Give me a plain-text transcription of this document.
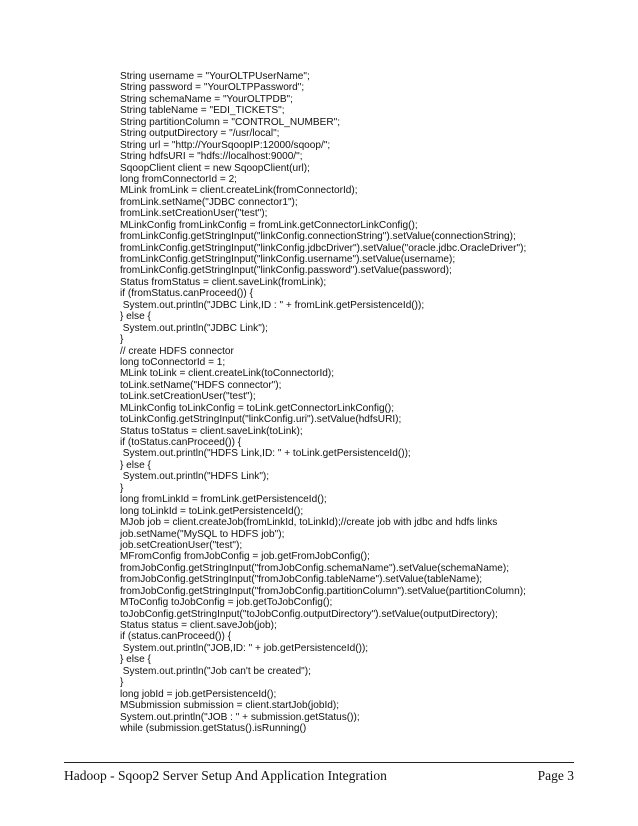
String username = "YourOLTPUserName";
String password = "YourOLTPPassword";
String schemaName = "YourOLTPDB";
String tableName = "EDI_TICKETS";
String partitionColumn = "CONTROL_NUMBER";
String outputDirectory = "/usr/local";
String url = "http://YourSqoopIP:12000/sqoop/";
String hdfsURI = "hdfs://localhost:9000/";
SqoopClient client = new SqoopClient(url);
long fromConnectorId = 2;
MLink fromLink = client.createLink(fromConnectorId);
fromLink.setName("JDBC connector1");
fromLink.setCreationUser("test");
MLinkConfig fromLinkConfig = fromLink.getConnectorLinkConfig();
fromLinkConfig.getStringInput("linkConfig.connectionString").setValue(connectionString);
fromLinkConfig.getStringInput("linkConfig.jdbcDriver").setValue("oracle.jdbc.OracleDriver");
fromLinkConfig.getStringInput("linkConfig.username").setValue(username);
fromLinkConfig.getStringInput("linkConfig.password").setValue(password);
Status fromStatus = client.saveLink(fromLink);
if (fromStatus.canProceed()) {
System.out.println("JDBC Link,ID : " + fromLink.getPersistenceId());
} else {
System.out.println("JDBC Link");
}
// create HDFS connector
long toConnectorId = 1;
MLink toLink = client.createLink(toConnectorId);
toLink.setName("HDFS connector");
toLink.setCreationUser("test");
MLinkConfig toLinkConfig = toLink.getConnectorLinkConfig();
toLinkConfig.getStringInput("linkConfig.uri").setValue(hdfsURI);
Status toStatus = client.saveLink(toLink);
if (toStatus.canProceed()) {
System.out.println("HDFS Link,ID: " + toLink.getPersistenceId());
} else {
System.out.println("HDFS Link");
}
long fromLinkId = fromLink.getPersistenceId();
long toLinkId = toLink.getPersistenceId();
MJob job = client.createJob(fromLinkId, toLinkId);//create job with jdbc and hdfs links
job.setName("MySQL to HDFS job");
job.setCreationUser("test");
MFromConfig fromJobConfig = job.getFromJobConfig();
fromJobConfig.getStringInput("fromJobConfig.schemaName").setValue(schemaName);
fromJobConfig.getStringInput("fromJobConfig.tableName").setValue(tableName);
fromJobConfig.getStringInput("fromJobConfig.partitionColumn").setValue(partitionColumn);
MToConfig toJobConfig = job.getToJobConfig();
toJobConfig.getStringInput("toJobConfig.outputDirectory").setValue(outputDirectory);
Status status = client.saveJob(job);
if (status.canProceed()) {
System.out.println("JOB,ID: " + job.getPersistenceId());
} else {
System.out.println("Job can't be created");
}
long jobId = job.getPersistenceId();
MSubmission submission = client.startJob(jobId);
System.out.println("JOB : " + submission.getStatus());
while (submission.getStatus().isRunning()
Hadoop - Sqoop2 Server Setup And Application Integration	Page 3
